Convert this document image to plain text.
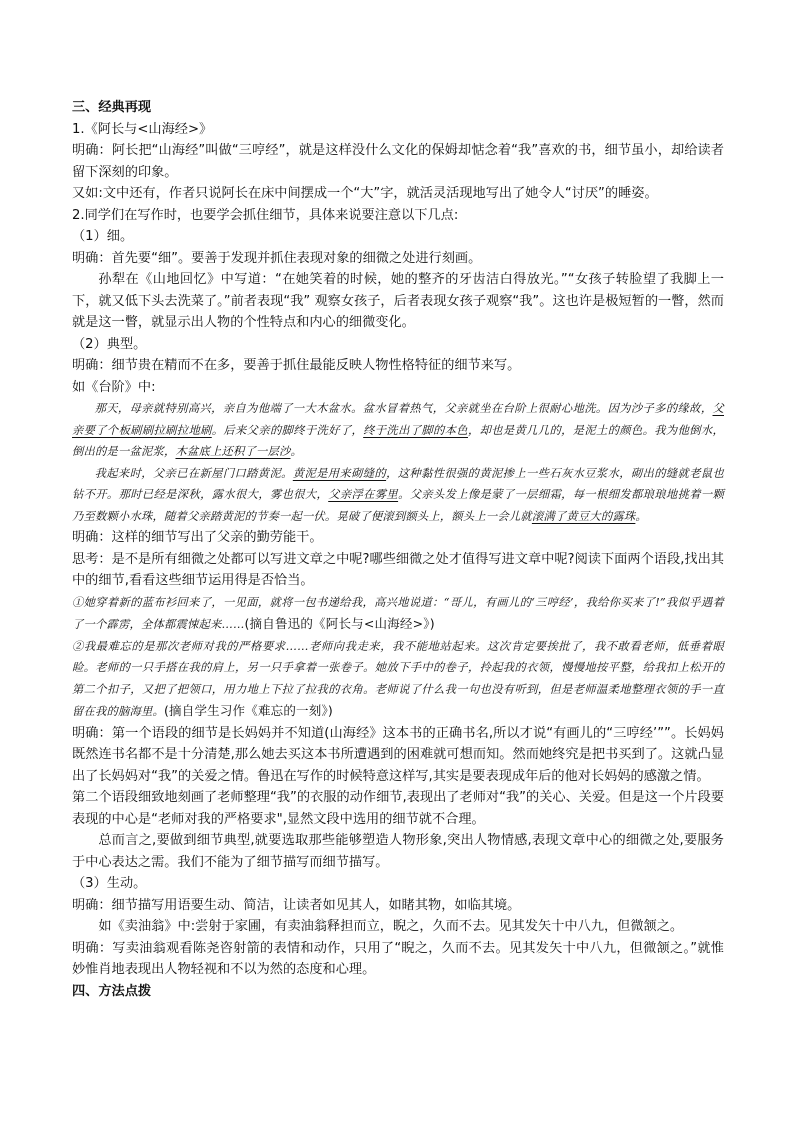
三、经典再现

1.《阿长与<山海经>》

明确：阿长把“山海经”叫做“三哼经”，就是这样没什么文化的保姆却惦念着“我”喜欢的书，细节虽小，却给读者留下深刻的印象。

又如:文中还有，作者只说阿长在床中间摆成一个“大”字，就活灵活现地写出了她令人“讨厌”的睡姿。

2.同学们在写作时，也要学会抓住细节，具体来说要注意以下几点:

（1）细。

明确：首先要“细”。要善于发现并抓住表现对象的细微之处进行刻画。

孙犁在《山地回忆》中写道：“在她笑着的时候，她的整齐的牙齿洁白得放光。”“女孩子转脸望了我脚上一下，就又低下头去洗菜了。”前者表现“我” 观察女孩子，后者表现女孩子观察“我”。这也许是极短暂的一瞥，然而就是这一瞥，就显示出人物的个性特点和内心的细微变化。

（2）典型。

明确：细节贵在精而不在多，要善于抓住最能反映人物性格特征的细节来写。

如《台阶》中:

那天，母亲就特别高兴，亲自为他端了一大木盆水。盆水冒着热气，父亲就坐在台阶上很耐心地洗。因为沙子多的缘故，父亲要了个板刷刷拉刷拉地刷。后来父亲的脚终于洗好了，终于洗出了脚的本色，却也是黄几几的，是泥土的颜色。我为他倒水，倒出的是一盆泥浆，木盆底上还积了一层沙。

我起来时，父亲已在新屋门口踏黄泥。黄泥是用来砌缝的，这种黏性很强的黄泥掺上一些石灰水豆浆水，砌出的缝就老鼠也钻不开。那时已经是深秋，露水很大，雾也很大，父亲浮在雾里。父亲头发上像是蒙了一层细霜，每一根细发都琅琅地挑着一颗乃至数颗小水珠，随着父亲踏黄泥的节奏一起一伏。晃破了便滚到额头上，额头上一会儿就滚满了黄豆大的露珠。

明确：这样的细节写出了父亲的勤劳能干。

思考：是不是所有细微之处都可以写进文章之中呢?哪些细微之处才值得写进文章中呢?阅读下面两个语段,找出其中的细节,看看这些细节运用得是否恰当。

①她穿着新的蓝布衫回来了，一见面，就将一包书递给我，高兴地说道：“哥儿，有画儿的‘三哼经’，我给你买来了!”我似乎遇着了一个霹雳，全体都震悚起来……(摘自鲁迅的《阿长与<山海经>》)

②我最难忘的是那次老师对我的严格要求……老师向我走来，我不能地站起来。这次肯定要挨批了，我不敢看老师，低垂着眼睑。老师的一只手搭在我的肩上，另一只手拿着一张卷子。她放下手中的卷子，拎起我的衣领，慢慢地按平整，给我扣上松开的第二个扣子，又把了把领口，用力地上下拉了拉我的衣角。老师说了什么我一句也没有听到，但是老师温柔地整理衣领的手一直留在我的脑海里。(摘自学生习作《难忘的一刻》)

明确：第一个语段的细节是长妈妈并不知道(山海经》这本书的正确书名,所以才说“有画儿的“三哼经’””。长妈妈既然连书名都不是十分清楚,那么她去买这本书所遭遇到的困难就可想而知。然而她终究是把书买到了。这就凸显出了长妈妈对“我”的关爱之情。鲁迅在写作的时候特意这样写,其实是要表现成年后的他对长妈妈的感激之情。

第二个语段细致地刻画了老师整理“我”的衣服的动作细节,表现出了老师对“我”的关心、关爱。但是这一个片段要表现的中心是“老师对我的严格要求",显然文段中选用的细节就不合理。

总而言之,要做到细节典型,就要选取那些能够塑造人物形象,突出人物情感,表现文章中心的细微之处,要服务于中心表达之需。我们不能为了细节描写而细节描写。

（3）生动。

明确：细节描写用语要生动、简洁，让读者如见其人，如睹其物，如临其境。

如《卖油翁》中:尝射于家圃，有卖油翁释担而立，睨之，久而不去。见其发矢十中八九，但微颔之。

明确：写卖油翁观看陈尧咨射箭的表情和动作，只用了“睨之，久而不去。见其发矢十中八九，但微颔之。”就惟妙惟肖地表现出人物轻视和不以为然的态度和心理。

四、方法点拨
